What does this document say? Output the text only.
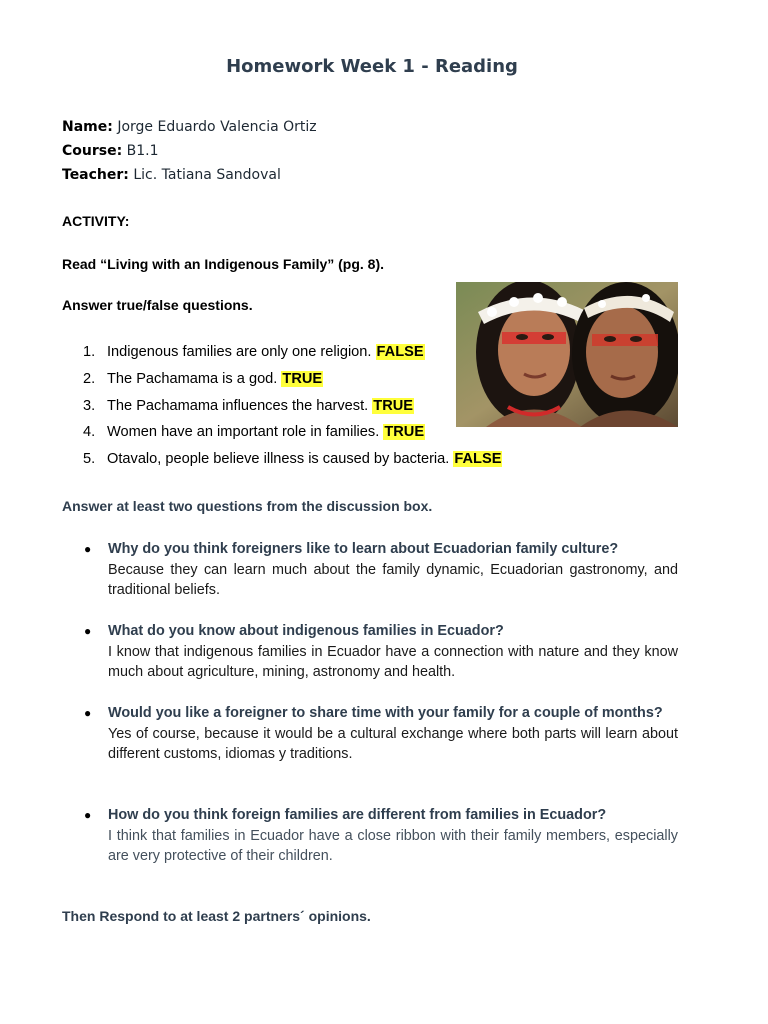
Homework Week 1 - Reading
Name: Jorge Eduardo Valencia Ortiz
Course: B1.1
Teacher: Lic. Tatiana Sandoval
ACTIVITY:
Read “Living with an Indigenous Family” (pg. 8).
Answer true/false questions.
1. Indigenous families are only one religion. FALSE
2. The Pachamama is a god. TRUE
3. The Pachamama influences the harvest. TRUE
4. Women have an important role in families. TRUE
5. Otavalo, people believe illness is caused by bacteria. FALSE
Answer at least two questions from the discussion box.
●	Why do you think foreigners like to learn about Ecuadorian family culture?
Because they can learn much about the family dynamic, Ecuadorian gastronomy, and traditional beliefs.
●	What do you know about indigenous families in Ecuador?
I know that indigenous families in Ecuador have a connection with nature and they know much about agriculture, mining, astronomy and health.
●	Would you like a foreigner to share time with your family for a couple of months?
Yes of course, because it would be a cultural exchange where both parts will learn about different customs, idiomas y traditions.
●	How do you think foreign families are different from families in Ecuador?
I think that families in Ecuador have a close ribbon with their family members, especially are very protective of their children.
Then Respond to at least 2 partners´ opinions.
